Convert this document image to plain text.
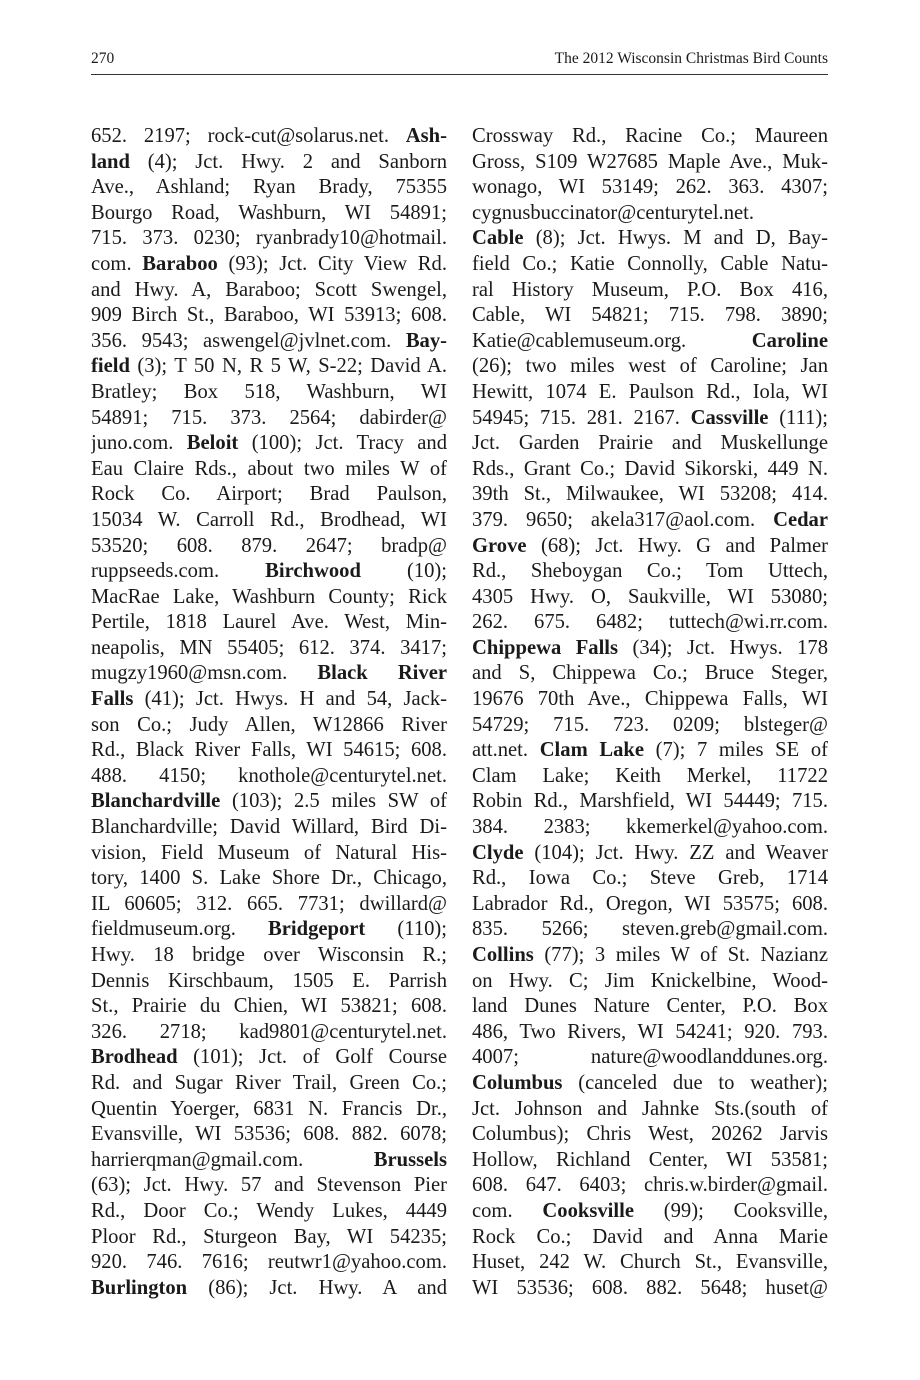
270	The 2012 Wisconsin Christmas Bird Counts
652. 2197; rock-cut@solarus.net. Ash-
land (4); Jct. Hwy. 2 and Sanborn
Ave., Ashland; Ryan Brady, 75355
Bourgo Road, Washburn, WI 54891;
715. 373. 0230; ryanbrady10@hotmail.
com. Baraboo (93); Jct. City View Rd.
and Hwy. A, Baraboo; Scott Swengel,
909 Birch St., Baraboo, WI 53913; 608.
356. 9543; aswengel@jvlnet.com. Bay-
field (3); T 50 N, R 5 W, S-22; David A.
Bratley; Box 518, Washburn, WI
54891; 715. 373. 2564; dabirder@
juno.com. Beloit (100); Jct. Tracy and
Eau Claire Rds., about two miles W of
Rock Co. Airport; Brad Paulson,
15034 W. Carroll Rd., Brodhead, WI
53520; 608. 879. 2647; bradp@
ruppseeds.com. Birchwood (10);
MacRae Lake, Washburn County; Rick
Pertile, 1818 Laurel Ave. West, Min-
neapolis, MN 55405; 612. 374. 3417;
mugzy1960@msn.com. Black River
Falls (41); Jct. Hwys. H and 54, Jack-
son Co.; Judy Allen, W12866 River
Rd., Black River Falls, WI 54615; 608.
488. 4150; knothole@centurytel.net.
Blanchardville (103); 2.5 miles SW of
Blanchardville; David Willard, Bird Di-
vision, Field Museum of Natural His-
tory, 1400 S. Lake Shore Dr., Chicago,
IL 60605; 312. 665. 7731; dwillard@
fieldmuseum.org. Bridgeport (110);
Hwy. 18 bridge over Wisconsin R.;
Dennis Kirschbaum, 1505 E. Parrish
St., Prairie du Chien, WI 53821; 608.
326. 2718; kad9801@centurytel.net.
Brodhead (101); Jct. of Golf Course
Rd. and Sugar River Trail, Green Co.;
Quentin Yoerger, 6831 N. Francis Dr.,
Evansville, WI 53536; 608. 882. 6078;
harrierqman@gmail.com. Brussels
(63); Jct. Hwy. 57 and Stevenson Pier
Rd., Door Co.; Wendy Lukes, 4449
Ploor Rd., Sturgeon Bay, WI 54235;
920. 746. 7616; reutwr1@yahoo.com.
Burlington (86); Jct. Hwy. A and
Crossway Rd., Racine Co.; Maureen
Gross, S109 W27685 Maple Ave., Muk-
wonago, WI 53149; 262. 363. 4307;
cygnusbuccinator@centurytel.net.
Cable (8); Jct. Hwys. M and D, Bay-
field Co.; Katie Connolly, Cable Natu-
ral History Museum, P.O. Box 416,
Cable, WI 54821; 715. 798. 3890;
Katie@cablemuseum.org. Caroline
(26); two miles west of Caroline; Jan
Hewitt, 1074 E. Paulson Rd., Iola, WI
54945; 715. 281. 2167. Cassville (111);
Jct. Garden Prairie and Muskellunge
Rds., Grant Co.; David Sikorski, 449 N.
39th St., Milwaukee, WI 53208; 414.
379. 9650; akela317@aol.com. Cedar
Grove (68); Jct. Hwy. G and Palmer
Rd., Sheboygan Co.; Tom Uttech,
4305 Hwy. O, Saukville, WI 53080;
262. 675. 6482; tuttech@wi.rr.com.
Chippewa Falls (34); Jct. Hwys. 178
and S, Chippewa Co.; Bruce Steger,
19676 70th Ave., Chippewa Falls, WI
54729; 715. 723. 0209; blsteger@
att.net. Clam Lake (7); 7 miles SE of
Clam Lake; Keith Merkel, 11722
Robin Rd., Marshfield, WI 54449; 715.
384. 2383; kkemerkel@yahoo.com.
Clyde (104); Jct. Hwy. ZZ and Weaver
Rd., Iowa Co.; Steve Greb, 1714
Labrador Rd., Oregon, WI 53575; 608.
835. 5266; steven.greb@gmail.com.
Collins (77); 3 miles W of St. Nazianz
on Hwy. C; Jim Knickelbine, Wood-
land Dunes Nature Center, P.O. Box
486, Two Rivers, WI 54241; 920. 793.
4007; nature@woodlanddunes.org.
Columbus (canceled due to weather);
Jct. Johnson and Jahnke Sts.(south of
Columbus); Chris West, 20262 Jarvis
Hollow, Richland Center, WI 53581;
608. 647. 6403; chris.w.birder@gmail.
com. Cooksville (99); Cooksville,
Rock Co.; David and Anna Marie
Huset, 242 W. Church St., Evansville,
WI 53536; 608. 882. 5648; huset@
